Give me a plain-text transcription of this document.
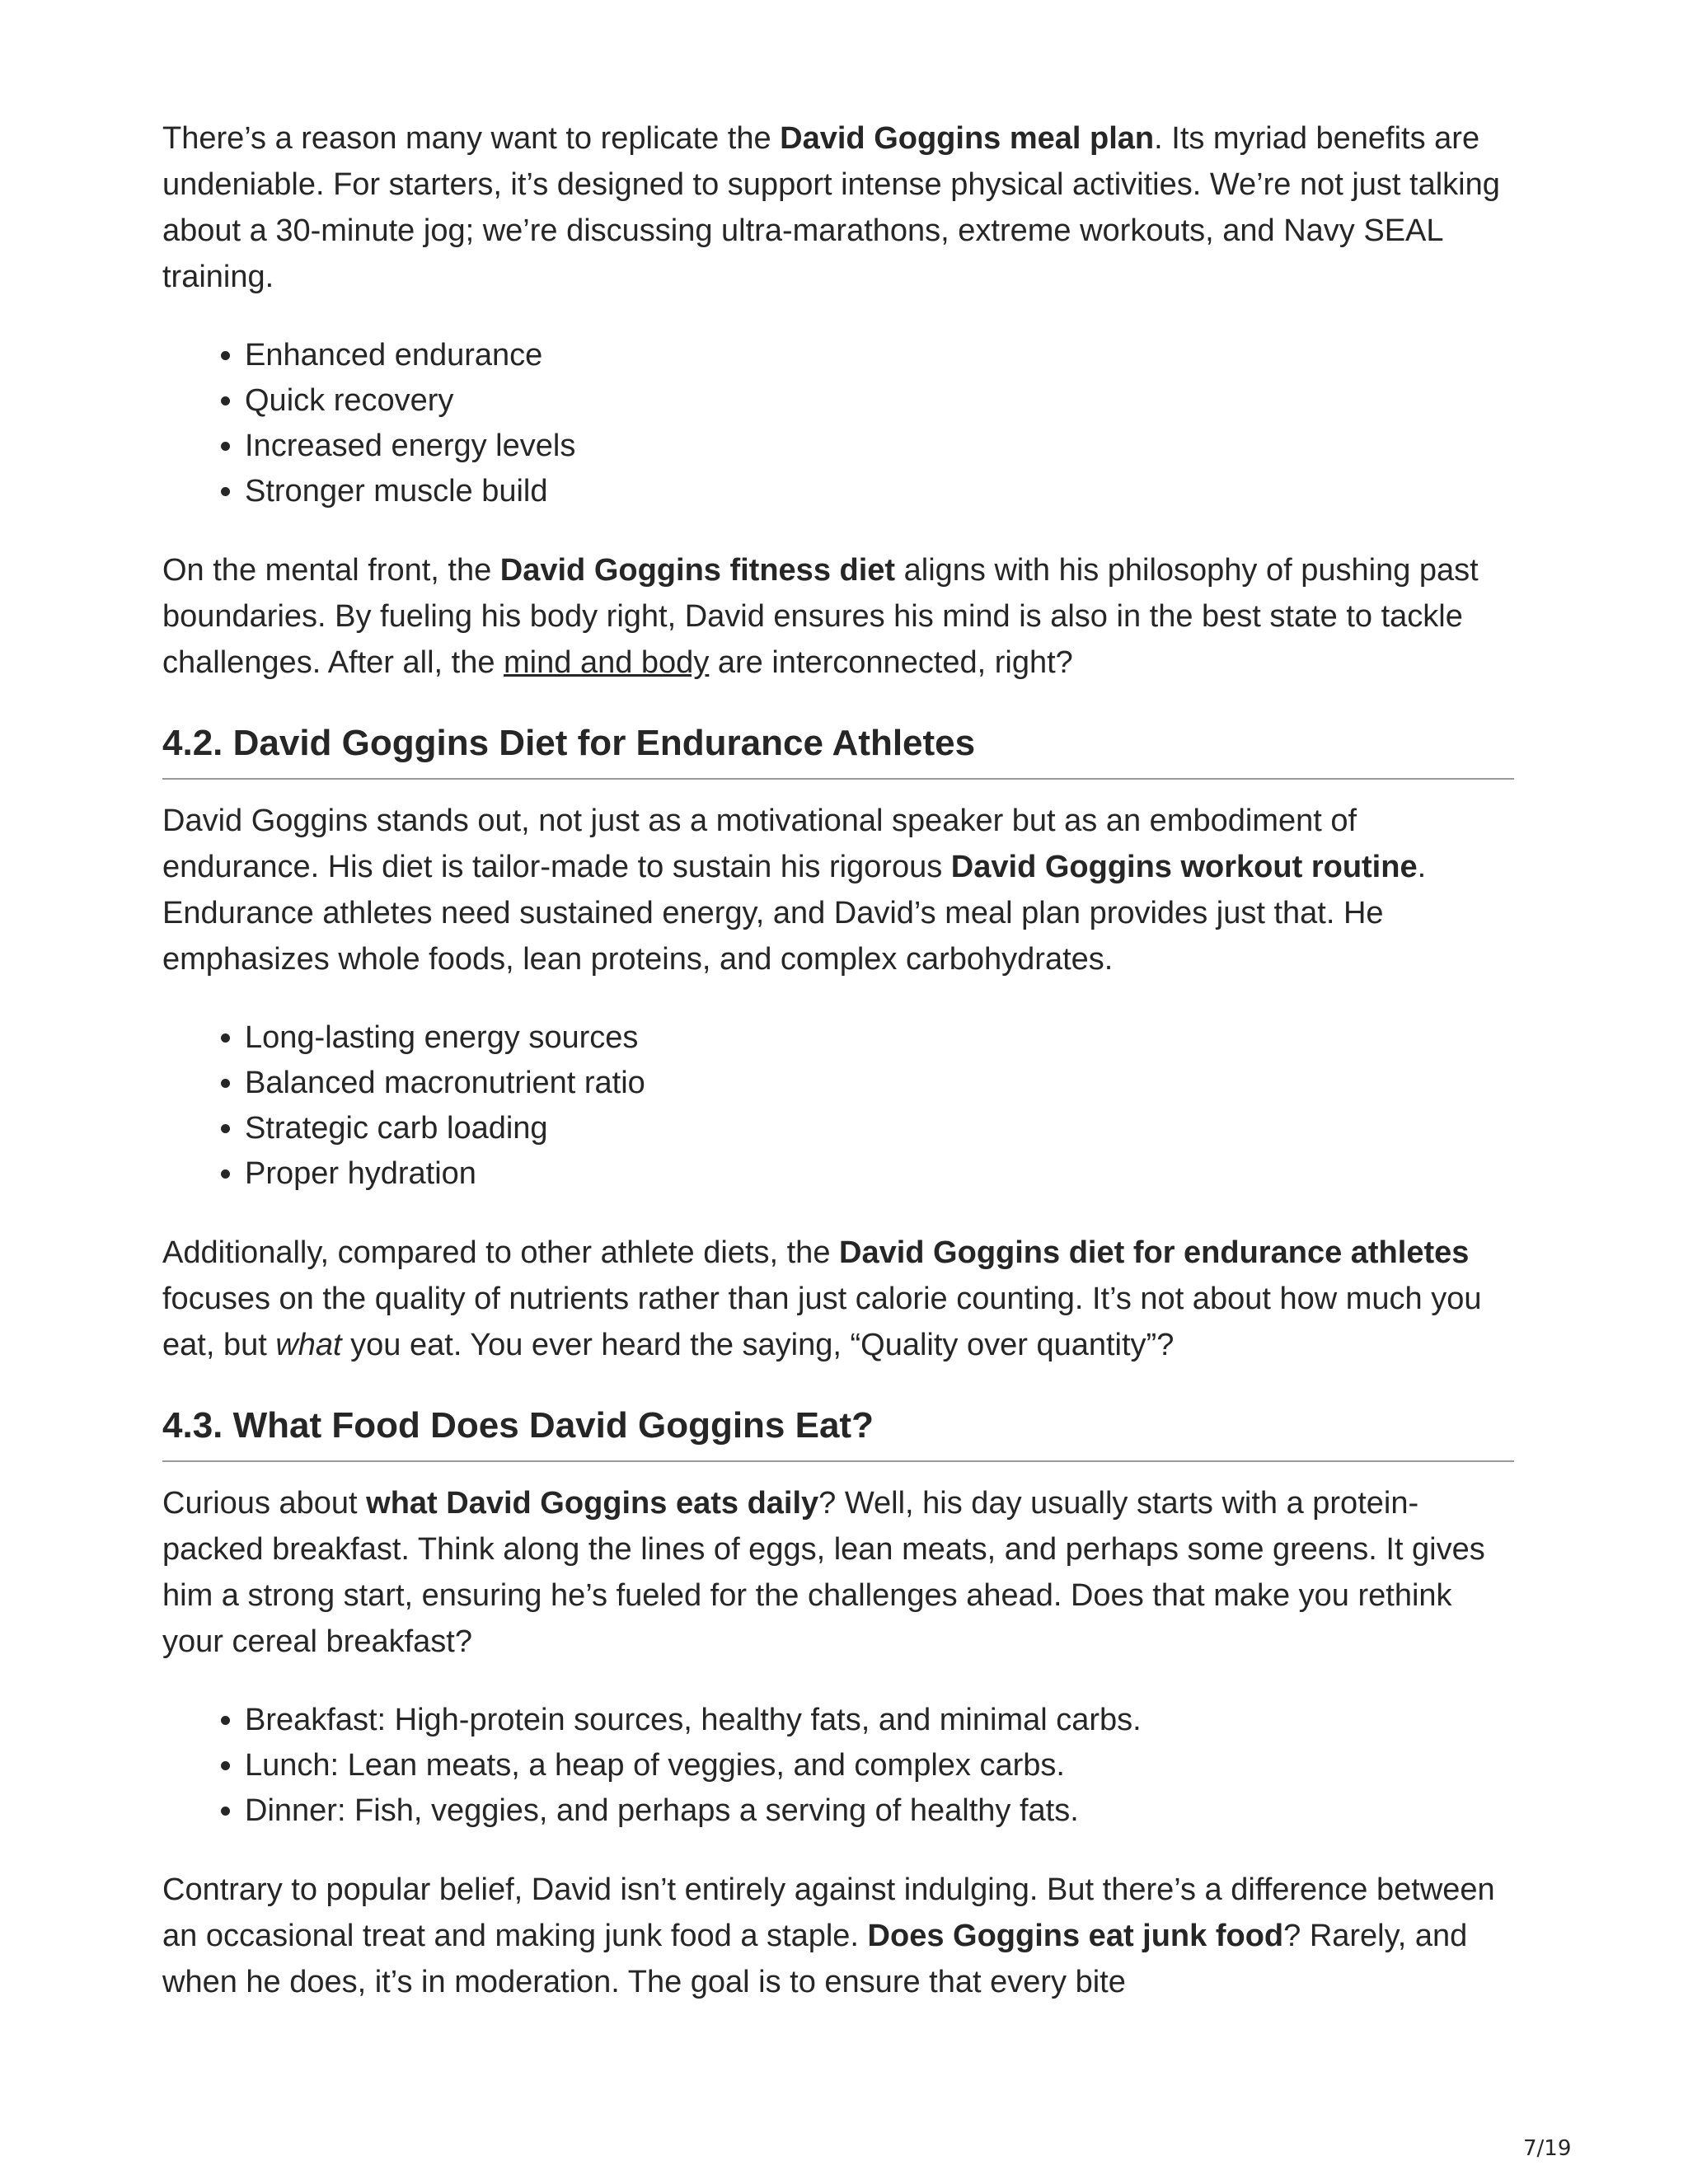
There’s a reason many want to replicate the David Goggins meal plan. Its myriad benefits are undeniable. For starters, it’s designed to support intense physical activities. We’re not just talking about a 30-minute jog; we’re discussing ultra-marathons, extreme workouts, and Navy SEAL training.

• Enhanced endurance
• Quick recovery
• Increased energy levels
• Stronger muscle build

On the mental front, the David Goggins fitness diet aligns with his philosophy of pushing past boundaries. By fueling his body right, David ensures his mind is also in the best state to tackle challenges. After all, the mind and body are interconnected, right?

4.2. David Goggins Diet for Endurance Athletes

David Goggins stands out, not just as a motivational speaker but as an embodiment of endurance. His diet is tailor-made to sustain his rigorous David Goggins workout routine. Endurance athletes need sustained energy, and David’s meal plan provides just that. He emphasizes whole foods, lean proteins, and complex carbohydrates.

• Long-lasting energy sources
• Balanced macronutrient ratio
• Strategic carb loading
• Proper hydration

Additionally, compared to other athlete diets, the David Goggins diet for endurance athletes focuses on the quality of nutrients rather than just calorie counting. It’s not about how much you eat, but what you eat. You ever heard the saying, “Quality over quantity”?

4.3. What Food Does David Goggins Eat?

Curious about what David Goggins eats daily? Well, his day usually starts with a protein-packed breakfast. Think along the lines of eggs, lean meats, and perhaps some greens. It gives him a strong start, ensuring he’s fueled for the challenges ahead. Does that make you rethink your cereal breakfast?

• Breakfast: High-protein sources, healthy fats, and minimal carbs.
• Lunch: Lean meats, a heap of veggies, and complex carbs.
• Dinner: Fish, veggies, and perhaps a serving of healthy fats.

Contrary to popular belief, David isn’t entirely against indulging. But there’s a difference between an occasional treat and making junk food a staple. Does Goggins eat junk food? Rarely, and when he does, it’s in moderation. The goal is to ensure that every bite

7/19
